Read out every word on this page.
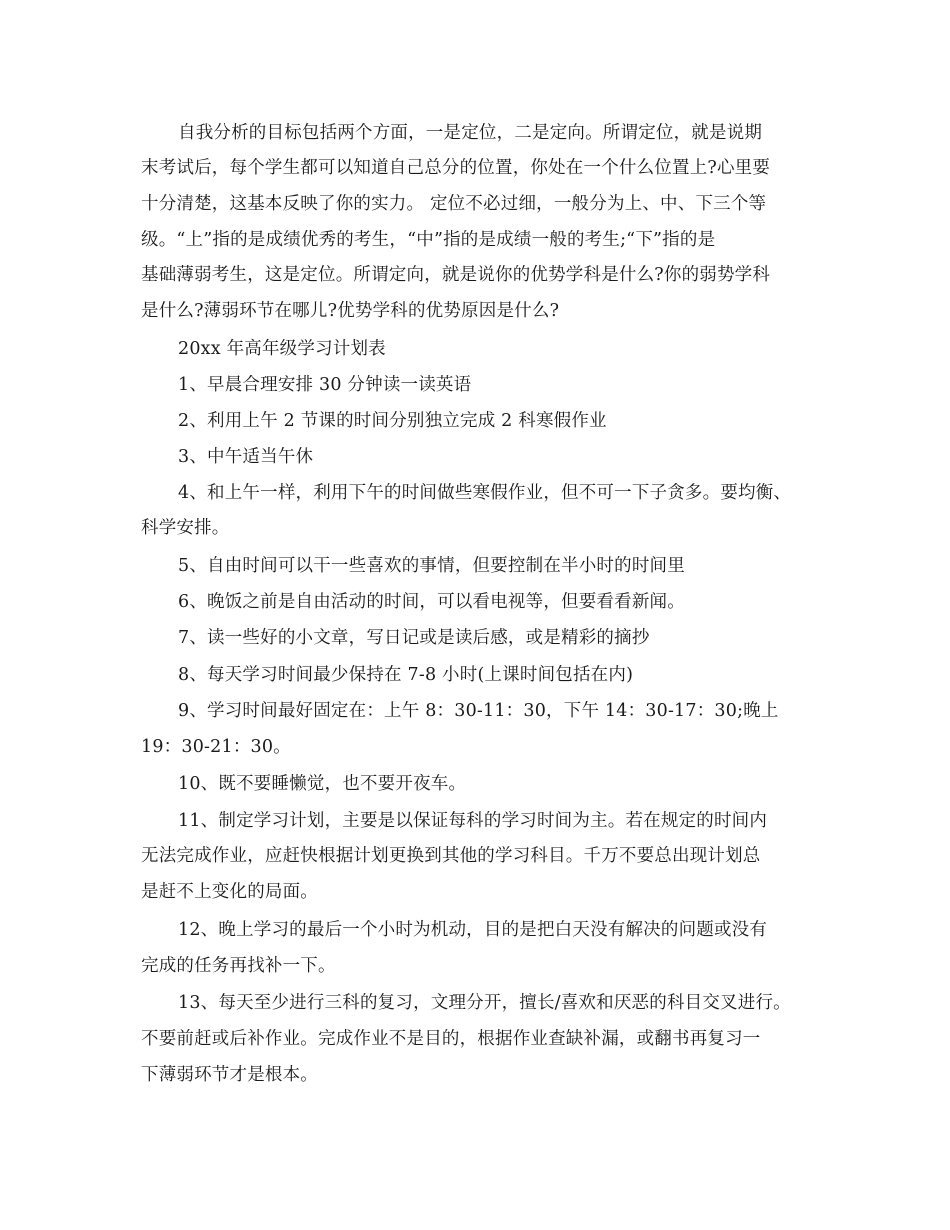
自我分析的目标包括两个方面，一是定位，二是定向。所谓定位，就是说期
末考试后，每个学生都可以知道自己总分的位置，你处在一个什么位置上?心里要
十分清楚，这基本反映了你的实力。 定位不必过细，一般分为上、中、下三个等
级。“上”指的是成绩优秀的考生，“中”指的是成绩一般的考生;“下”指的是
基础薄弱考生，这是定位。所谓定向，就是说你的优势学科是什么?你的弱势学科
是什么?薄弱环节在哪儿?优势学科的优势原因是什么?
20xx 年高年级学习计划表
1、早晨合理安排 30 分钟读一读英语
2、利用上午 2 节课的时间分别独立完成 2 科寒假作业
3、中午适当午休
4、和上午一样，利用下午的时间做些寒假作业，但不可一下子贪多。要均衡、
科学安排。
5、自由时间可以干一些喜欢的事情，但要控制在半小时的时间里
6、晚饭之前是自由活动的时间，可以看电视等，但要看看新闻。
7、读一些好的小文章，写日记或是读后感，或是精彩的摘抄
8、每天学习时间最少保持在 7-8 小时(上课时间包括在内)
9、学习时间最好固定在：上午 8：30-11：30，下午 14：30-17：30;晚上
19：30-21：30。
10、既不要睡懒觉，也不要开夜车。
11、制定学习计划，主要是以保证每科的学习时间为主。若在规定的时间内
无法完成作业，应赶快根据计划更换到其他的学习科目。千万不要总出现计划总
是赶不上变化的局面。
12、晚上学习的最后一个小时为机动，目的是把白天没有解决的问题或没有
完成的任务再找补一下。
13、每天至少进行三科的复习，文理分开，擅长/喜欢和厌恶的科目交叉进行。
不要前赶或后补作业。完成作业不是目的，根据作业查缺补漏，或翻书再复习一
下薄弱环节才是根本。
